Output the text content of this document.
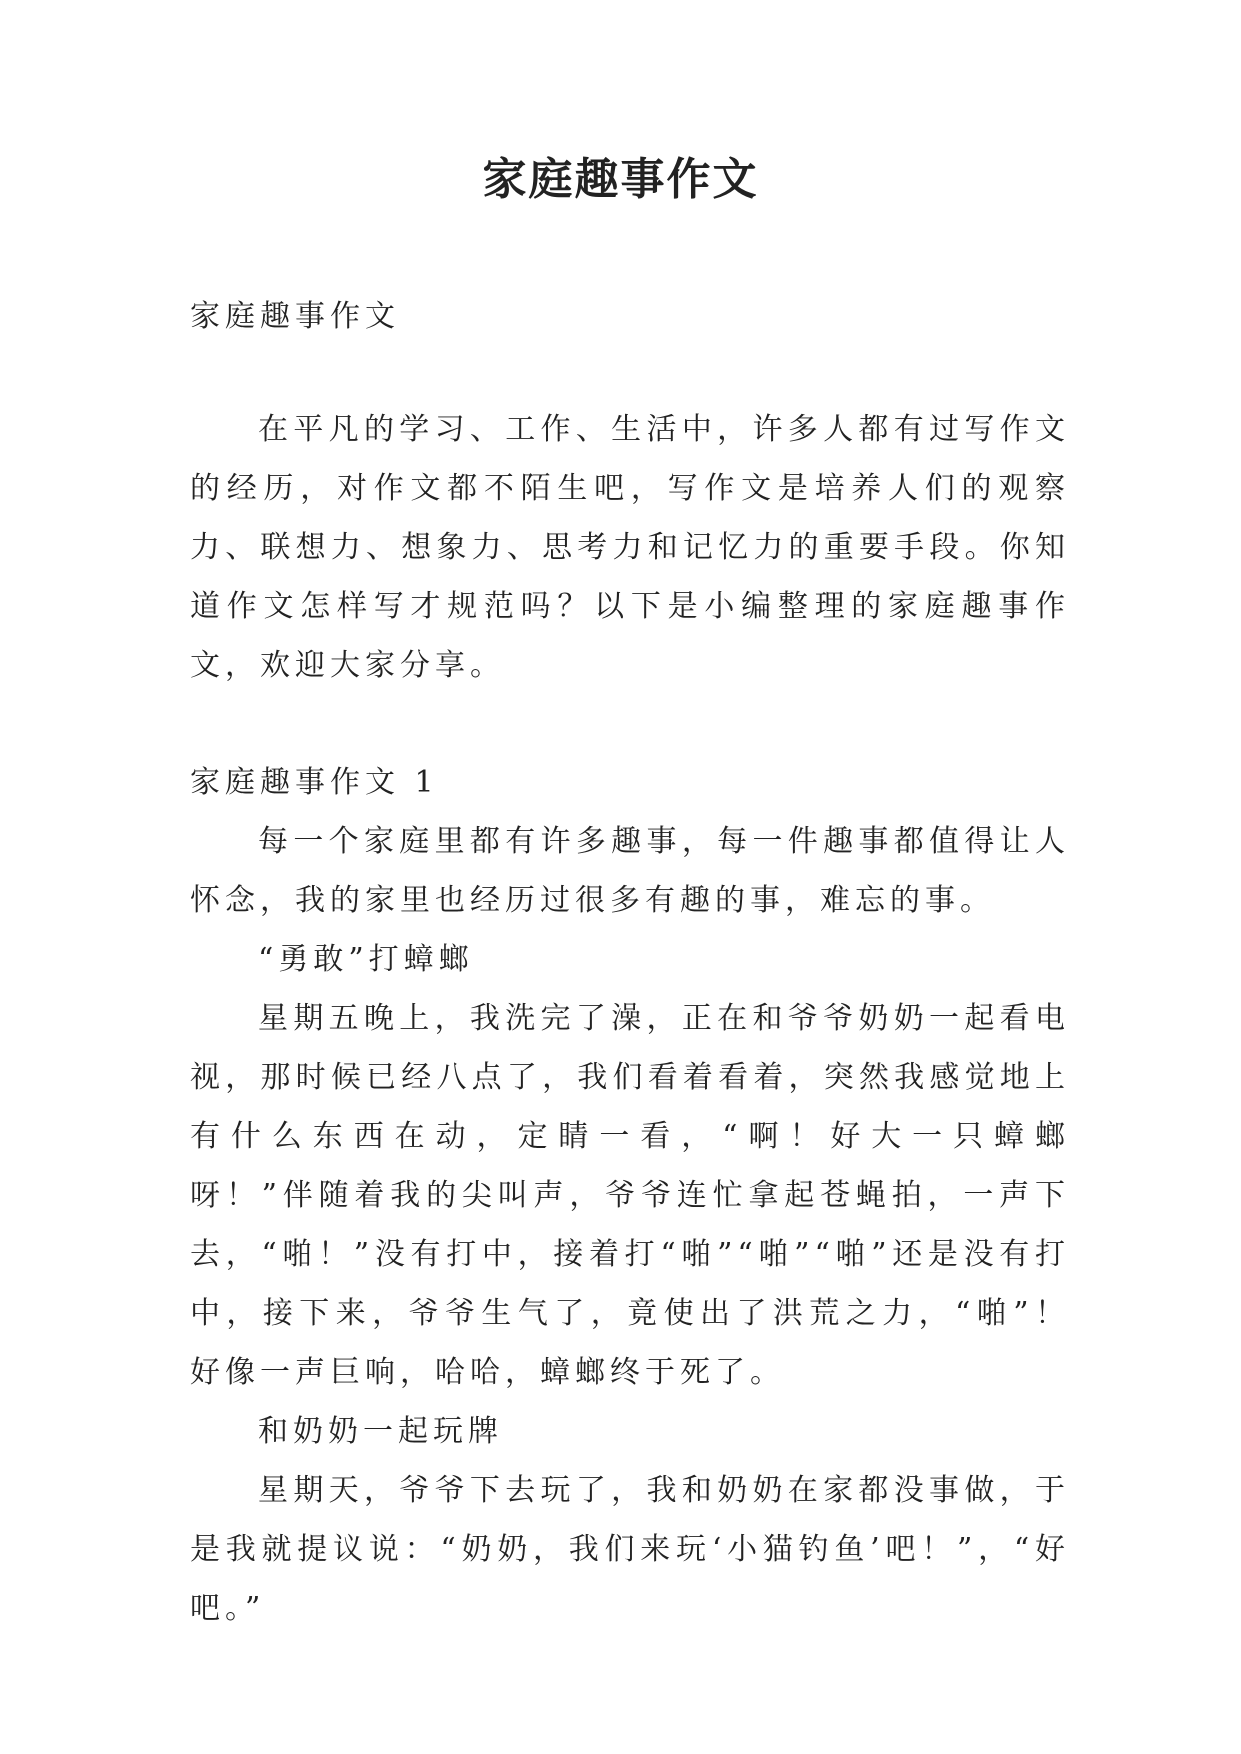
家庭趣事作文

家庭趣事作文

在平凡的学习、工作、生活中，许多人都有过写作文的经历，对作文都不陌生吧，写作文是培养人们的观察力、联想力、想象力、思考力和记忆力的重要手段。你知道作文怎样写才规范吗？以下是小编整理的家庭趣事作文，欢迎大家分享。

家庭趣事作文 1

每一个家庭里都有许多趣事，每一件趣事都值得让人怀念，我的家里也经历过很多有趣的事，难忘的事。

“勇敢”打蟑螂

星期五晚上，我洗完了澡，正在和爷爷奶奶一起看电视，那时候已经八点了，我们看着看着，突然我感觉地上有什么东西在动，定睛一看，“啊！好大一只蟑螂呀！”伴随着我的尖叫声，爷爷连忙拿起苍蝇拍，一声下去，“啪！”没有打中，接着打“啪”“啪”“啪”还是没有打中，接下来，爷爷生气了，竟使出了洪荒之力，“啪”！好像一声巨响，哈哈，蟑螂终于死了。

和奶奶一起玩牌

星期天，爷爷下去玩了，我和奶奶在家都没事做，于是我就提议说：“奶奶，我们来玩‘小猫钓鱼’吧！”，“好吧。”
